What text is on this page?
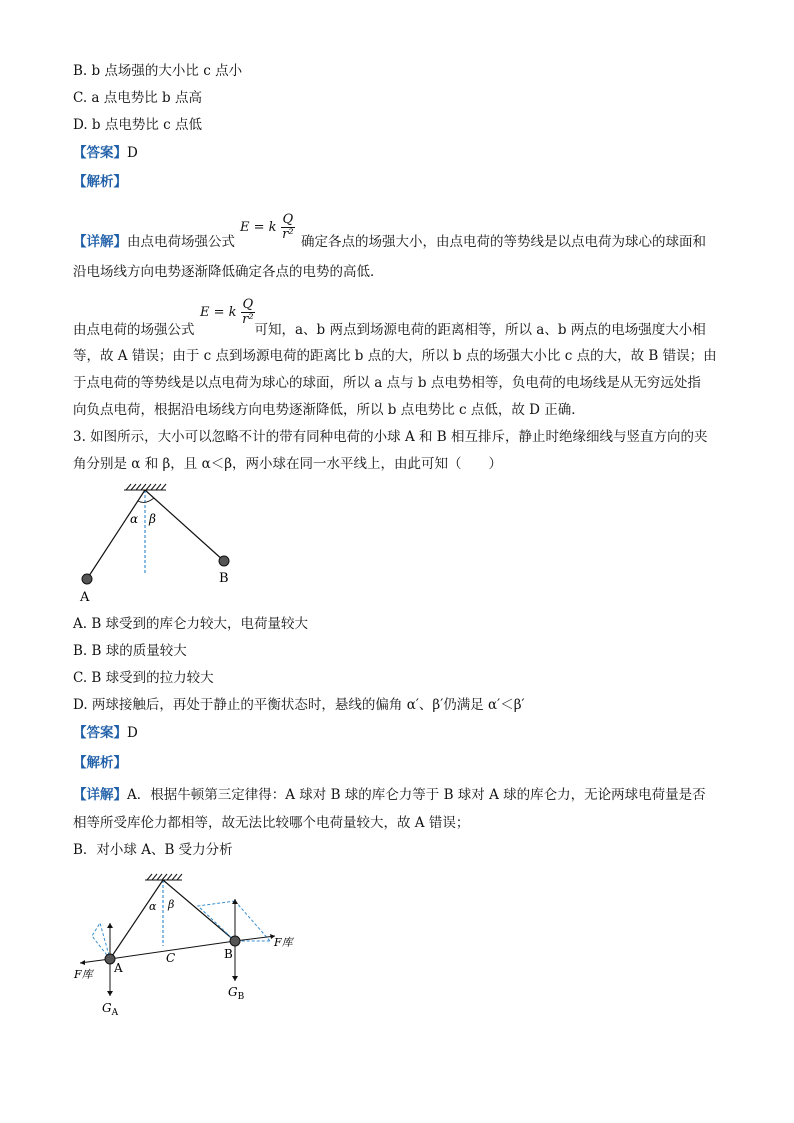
B. b 点场强的大小比 c 点小
C. a 点电势比 b 点高
D. b 点电势比 c 点低
【答案】D
【解析】
E = k $\frac{Q}{\text{r²}}$
【详解】由点电荷场强公式	确定各点的场强大小，由点电荷的等势线是以点电荷为球心的球面和
沿电场线方向电势逐渐降低确定各点的电势的高低．
E = k $\frac{Q}{\text{r²}}$
由点电荷的场强公式	可知，a、b 两点到场源电荷的距离相等，所以 a、b 两点的电场强度大小相
等，故 A 错误；由于 c 点到场源电荷的距离比 b 点的大，所以 b 点的场强大小比 c 点的大，故 B 错误；由
于点电荷的等势线是以点电荷为球心的球面，所以 a 点与 b 点电势相等，负电荷的电场线是从无穷远处指
向负点电荷，根据沿电场线方向电势逐渐降低，所以 b 点电势比 c 点低，故 D 正确．
3. 如图所示，大小可以忽略不计的带有同种电荷的小球 A 和 B 相互排斥，静止时绝缘细线与竖直方向的夹
角分别是 α 和 β，且 α＜β，两小球在同一水平线上，由此可知（　　）
α β
A
B
A. B 球受到的库仑力较大，电荷量较大
B. B 球的质量较大
C. B 球受到的拉力较大
D. 两球接触后，再处于静止的平衡状态时，悬线的偏角 α′、β′仍满足 α′＜β′
【答案】D
【解析】
【详解】A．根据牛顿第三定律得：A 球对 B 球的库仑力等于 B 球对 A 球的库仑力，无论两球电荷量是否
相等所受库伦力都相等，故无法比较哪个电荷量较大，故 A 错误；
B．对小球 A、B 受力分析
α β
A
B
C
F库
F库
$G_A$
$G_B$
